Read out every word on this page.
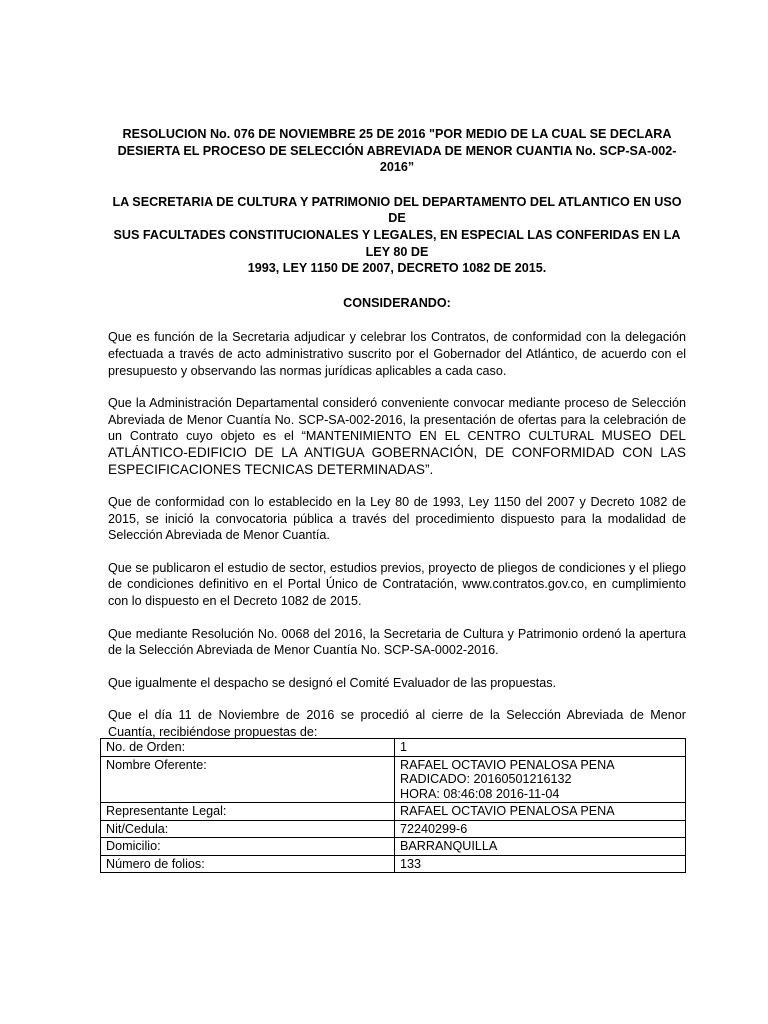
RESOLUCION No. 076 DE NOVIEMBRE 25 DE 2016 "POR MEDIO DE LA CUAL SE DECLARA
DESIERTA EL PROCESO DE SELECCIÓN ABREVIADA DE MENOR CUANTIA No. SCP-SA-002-2016”
LA SECRETARIA DE CULTURA Y PATRIMONIO DEL DEPARTAMENTO DEL ATLANTICO EN USO DE
SUS FACULTADES CONSTITUCIONALES Y LEGALES, EN ESPECIAL LAS CONFERIDAS EN LA LEY 80 DE
1993, LEY 1150 DE 2007, DECRETO 1082 DE 2015.
CONSIDERANDO:

Que es función de la Secretaria adjudicar y celebrar los Contratos, de conformidad con la delegación efectuada a través de acto administrativo suscrito por el Gobernador del Atlántico, de acuerdo con el presupuesto y observando las normas jurídicas aplicables a cada caso.

Que la Administración Departamental consideró conveniente convocar mediante proceso de Selección Abreviada de Menor Cuantía No. SCP-SA-002-2016, la presentación de ofertas para la celebración de un Contrato cuyo objeto es el “MANTENIMIENTO EN EL CENTRO CULTURAL MUSEO DEL ATLÁNTICO-EDIFICIO DE LA ANTIGUA GOBERNACIÓN, DE CONFORMIDAD CON LAS ESPECIFICACIONES TECNICAS DETERMINADAS”.

Que de conformidad con lo establecido en la Ley 80 de 1993, Ley 1150 del 2007 y Decreto 1082 de 2015, se inició la convocatoria pública a través del procedimiento dispuesto para la modalidad de Selección Abreviada de Menor Cuantía.

Que se publicaron el estudio de sector, estudios previos, proyecto de pliegos de condiciones y el pliego de condiciones definitivo en el Portal Único de Contratación, www.contratos.gov.co, en cumplimiento con lo dispuesto en el Decreto 1082 de 2015.

Que mediante Resolución No. 0068 del 2016, la Secretaria de Cultura y Patrimonio ordenó la apertura de la Selección Abreviada de Menor Cuantía No. SCP-SA-0002-2016.

Que igualmente el despacho se designó el Comité Evaluador de las propuestas.

Que el día 11 de Noviembre de 2016 se procedió al cierre de la Selección Abreviada de Menor Cuantía, recibiéndose propuestas de:

No. de Orden:	1
Nombre Oferente:	RAFAEL OCTAVIO PENALOSA PENA
RADICADO: 20160501216132
HORA: 08:46:08 2016-11-04

Representante Legal:	RAFAEL OCTAVIO PENALOSA PENA
Nit/Cedula:	72240299-6
Domicilio:	BARRANQUILLA
Número de folios:	133
